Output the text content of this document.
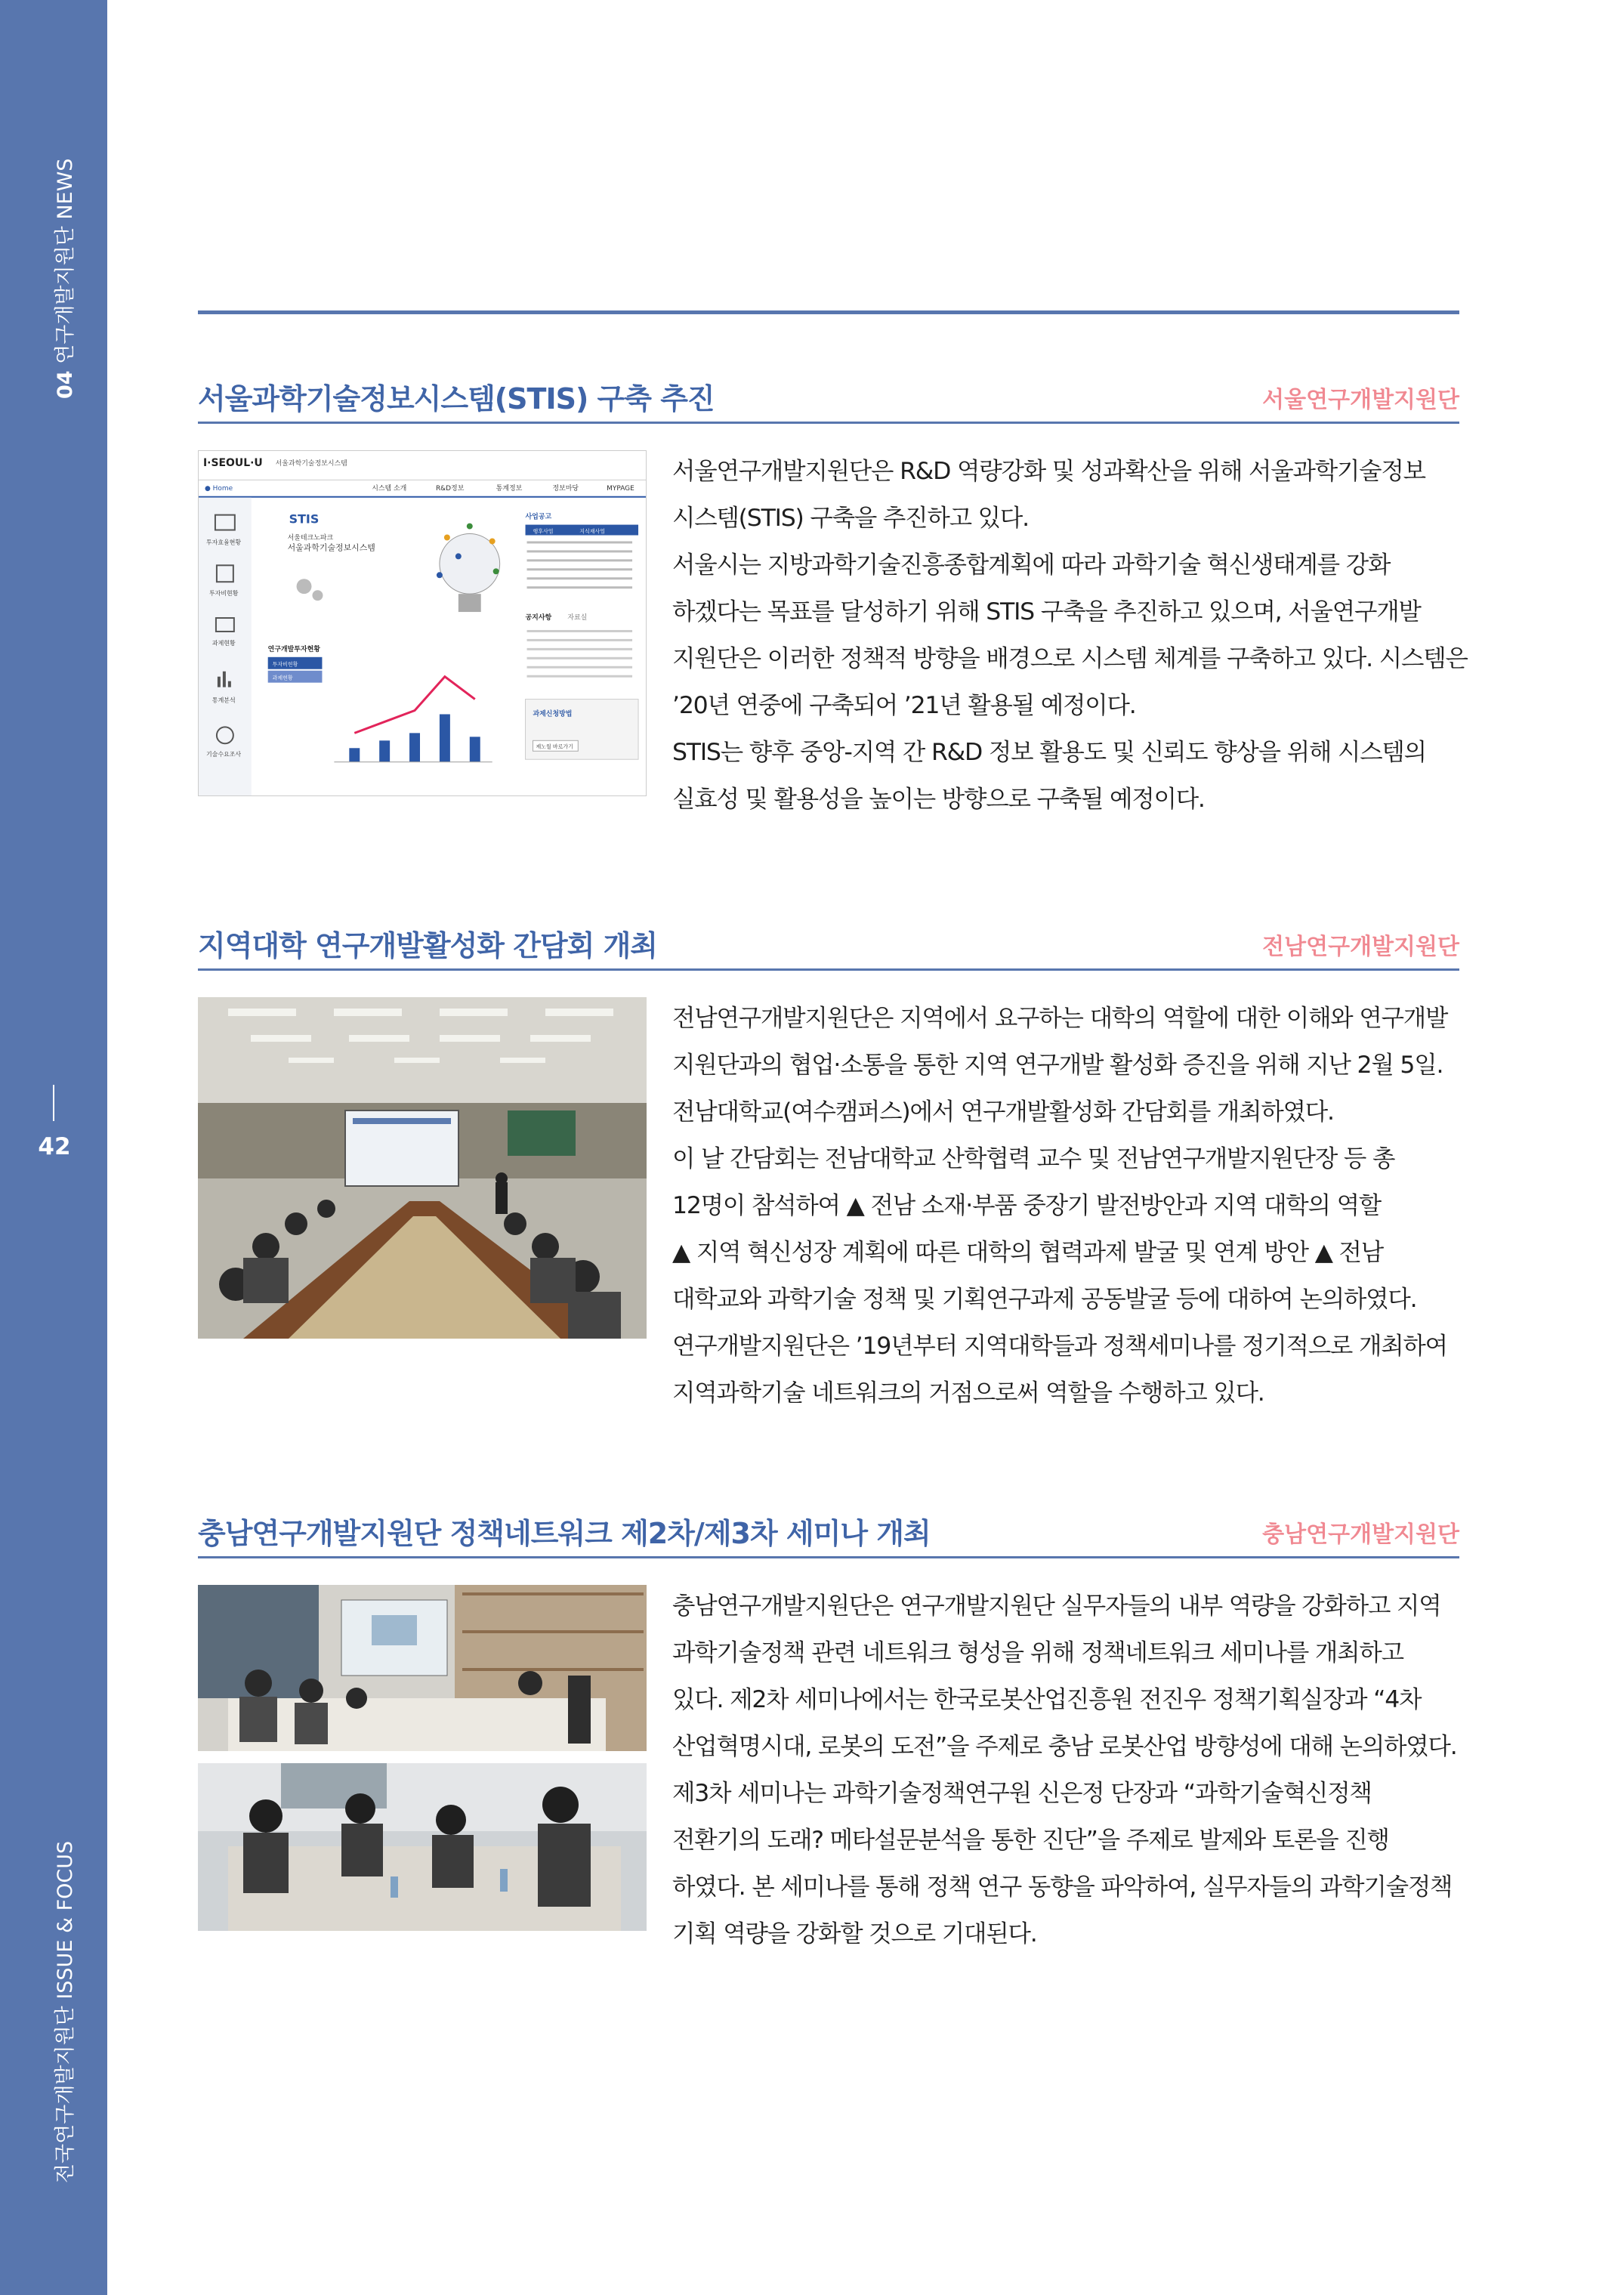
04 연구개발지원단 NEWS
42
전국연구개발지원단 ISSUE & FOCUS
서울과학기술정보시스템(STIS) 구축 추진	서울연구개발지원단
I·SEOUL·U 서울과학기술정보시스템
● Home	시스템 소개	R&D정보	통계정보	정보마당	MYPAGE
투자효율현황
투자비현황
과제현황
통계분석
기술수요조사
STIS
서울테크노파크
서울과학기술정보시스템
사업공고
행후사업	지식재사업
공지사항 자료실
연구개발투자현황
투자비현황
과제현황
과제신청방법
제노월 바로가기

서울연구개발지원단은 R&D 역량강화 및 성과확산을 위해 서울과학기술정보

시스템(STIS) 구축을 추진하고 있다.

서울시는 지방과학기술진흥종합계획에 따라 과학기술 혁신생태계를 강화

하겠다는 목표를 달성하기 위해 STIS 구축을 추진하고 있으며, 서울연구개발

지원단은 이러한 정책적 방향을 배경으로 시스템 체계를 구축하고 있다. 시스템은

’20년 연중에 구축되어 ’21년 활용될 예정이다.

STIS는 향후 중앙-지역 간 R&D 정보 활용도 및 신뢰도 향상을 위해 시스템의

실효성 및 활용성을 높이는 방향으로 구축될 예정이다.

지역대학 연구개발활성화 간담회 개최	전남연구개발지원단

전남연구개발지원단은 지역에서 요구하는 대학의 역할에 대한 이해와 연구개발

지원단과의 협업·소통을 통한 지역 연구개발 활성화 증진을 위해 지난 2월 5일.

전남대학교(여수캠퍼스)에서 연구개발활성화 간담회를 개최하였다.

이 날 간담회는 전남대학교 산학협력 교수 및 전남연구개발지원단장 등 총

12명이 참석하여 ▲ 전남 소재·부품 중장기 발전방안과 지역 대학의 역할

▲ 지역 혁신성장 계획에 따른 대학의 협력과제 발굴 및 연계 방안 ▲ 전남

대학교와 과학기술 정책 및 기획연구과제 공동발굴 등에 대하여 논의하였다.

연구개발지원단은 ’19년부터 지역대학들과 정책세미나를 정기적으로 개최하여

지역과학기술 네트워크의 거점으로써 역할을 수행하고 있다.

충남연구개발지원단 정책네트워크 제2차/제3차 세미나 개최	충남연구개발지원단

충남연구개발지원단은 연구개발지원단 실무자들의 내부 역량을 강화하고 지역

과학기술정책 관련 네트워크 형성을 위해 정책네트워크 세미나를 개최하고

있다. 제2차 세미나에서는 한국로봇산업진흥원 전진우 정책기획실장과 “4차

산업혁명시대, 로봇의 도전”을 주제로 충남 로봇산업 방향성에 대해 논의하였다.

제3차 세미나는 과학기술정책연구원 신은정 단장과 “과학기술혁신정책

전환기의 도래? 메타설문분석을 통한 진단”을 주제로 발제와 토론을 진행

하였다. 본 세미나를 통해 정책 연구 동향을 파악하여, 실무자들의 과학기술정책

기획 역량을 강화할 것으로 기대된다.
